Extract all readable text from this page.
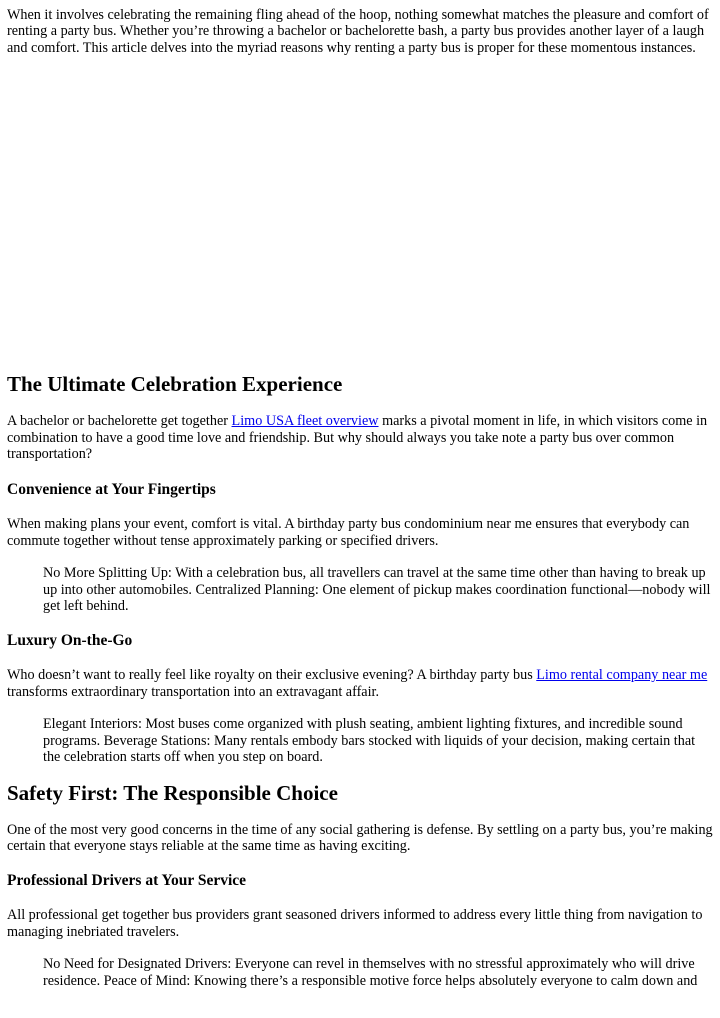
When it involves celebrating the remaining fling ahead of the hoop, nothing somewhat matches the pleasure and comfort of renting a party bus. Whether you’re throwing a bachelor or bachelorette bash, a party bus provides another layer of a laugh and comfort. This article delves into the myriad reasons why renting a party bus is proper for these momentous instances.

The Ultimate Celebration Experience

A bachelor or bachelorette get together Limo USA fleet overview marks a pivotal moment in life, in which visitors come in combination to have a good time love and friendship. But why should always you take note a party bus over common transportation?

Convenience at Your Fingertips

When making plans your event, comfort is vital. A birthday party bus condominium near me ensures that everybody can commute together without tense approximately parking or specified drivers.

No More Splitting Up: With a celebration bus, all travellers can travel at the same time other than having to break up up into other automobiles. Centralized Planning: One element of pickup makes coordination functional—nobody will get left behind.

Luxury On-the-Go

Who doesn’t want to really feel like royalty on their exclusive evening? A birthday party bus Limo rental company near me transforms extraordinary transportation into an extravagant affair.

Elegant Interiors: Most buses come organized with plush seating, ambient lighting fixtures, and incredible sound programs. Beverage Stations: Many rentals embody bars stocked with liquids of your decision, making certain that the celebration starts off when you step on board.

Safety First: The Responsible Choice

One of the most very good concerns in the time of any social gathering is defense. By settling on a party bus, you’re making certain that everyone stays reliable at the same time as having exciting.

Professional Drivers at Your Service

All professional get together bus providers grant seasoned drivers informed to address every little thing from navigation to managing inebriated travelers.

No Need for Designated Drivers: Everyone can revel in themselves with no stressful approximately who will drive residence. Peace of Mind: Knowing there’s a responsible motive force helps absolutely everyone to calm down and
